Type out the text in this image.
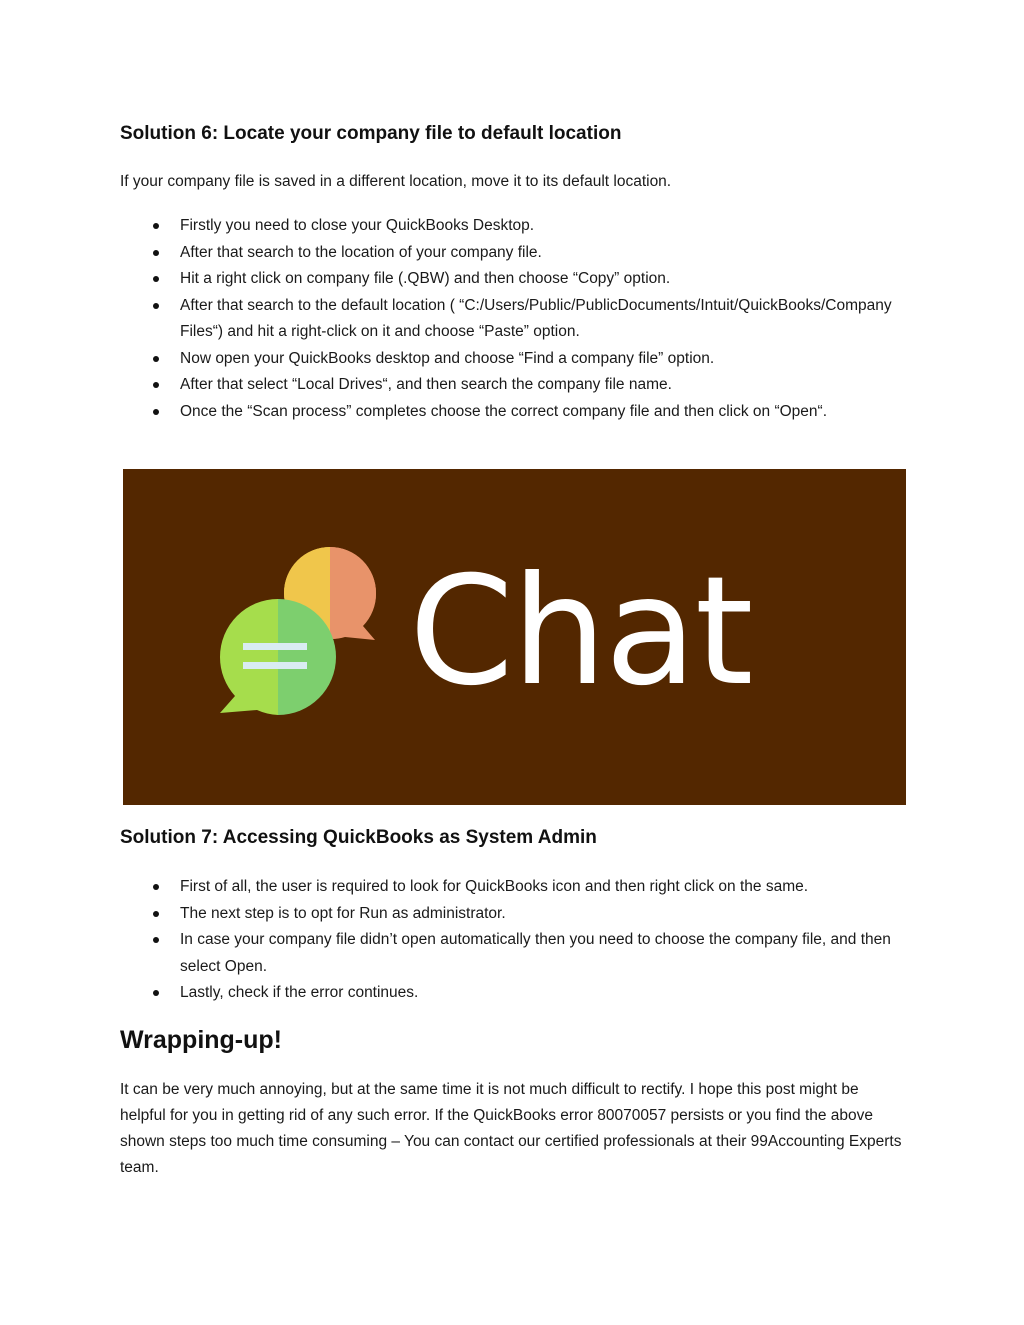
Solution 6: Locate your company file to default location

If your company file is saved in a different location, move it to its default location.

Firstly you need to close your QuickBooks Desktop.
After that search to the location of your company file.
Hit a right click on company file (.QBW) and then choose “Copy” option.
After that search to the default location ( “C:/Users/Public/PublicDocuments/Intuit/QuickBooks/Company Files“) and hit a right-click on it and choose “Paste” option.
Now open your QuickBooks desktop and choose “Find a company file” option.
After that select “Local Drives“, and then search the company file name.
Once the “Scan process” completes choose the correct company file and then click on “Open“.
Solution 7: Accessing QuickBooks as System Admin
First of all, the user is required to look for QuickBooks icon and then right click on the same.
The next step is to opt for Run as administrator.
In case your company file didn’t open automatically then you need to choose the company file, and then select Open.
Lastly, check if the error continues.
Wrapping-up!

It can be very much annoying, but at the same time it is not much difficult to rectify. I hope this post might be helpful for you in getting rid of any such error. If the QuickBooks error 80070057 persists or you find the above shown steps too much time consuming – You can contact our certified professionals at their 99Accounting Experts team.

Chat
